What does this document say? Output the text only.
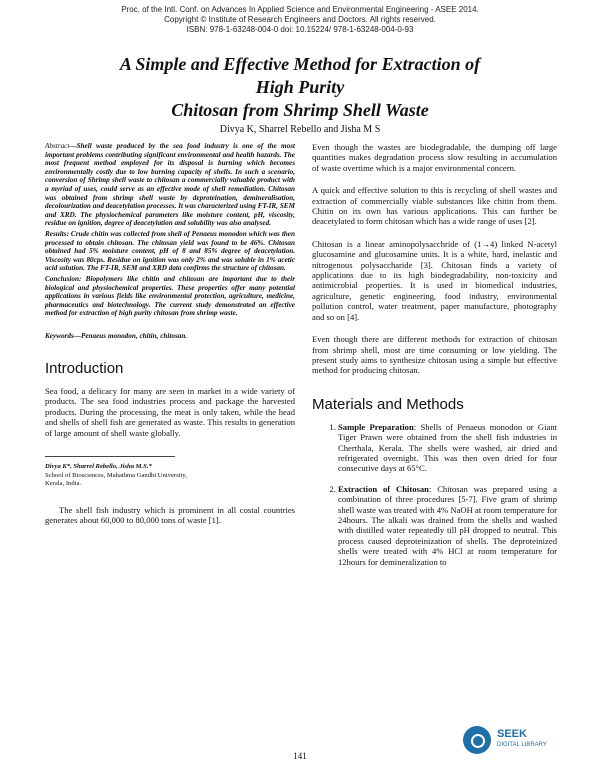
Proc. of the Intl. Conf. on Advances In Applied Science and Environmental Engineering - ASEE 2014.
Copyright © Institute of Research Engineers and Doctors. All rights reserved.
ISBN: 978-1-63248-004-0 doi: 10.15224/ 978-1-63248-004-0-93
A Simple and Effective Method for Extraction of
High Purity
Chitosan from Shrimp Shell Waste
Divya K, Sharrel Rebello and Jisha M S

Abstract—Shell waste produced by the sea food industry is one of the most important problems contributing significant environmental and health hazards. The most frequent method employed for its disposal is burning which becomes environmentally costly due to low burning capacity of shells. In such a scenario, conversion of Shrimp shell waste to chitosan a commercially valuable product with a myriad of uses, could serve as an effective mode of shell remediation. Chitosan was obtained from shrimp shell waste by deproteination, demineralisation, decolourization and deacetylation processes. It was characterized using FT-IR, SEM and XRD. The physiochemical parameters like moisture content, pH, viscosity, residue on ignition, degree of deacetylation and solubility was also analysed.

Results: Crude chitin was collected from shell of Penaeus monodon which was then processed to obtain chitosan. The chitosan yield was found to be 46%. Chitosan obtained had 5% moisture content, pH of 8 and 85% degree of deacetylation. Viscosity was 80cps. Residue on ignition was only 2% and was soluble in 1% acetic acid solution. The FT-IR, SEM and XRD data confirms the structure of chitosan.

Conclusion: Biopolymers like chitin and chitosan are important due to their biological and physiochemical properties. These properties offer many potential applications in various fields like environmental protection, agriculture, medicine, pharmaceutics and biotechnology. The current study demonstrated an effective method for extraction of high purity chitosan from shrimp waste.

Keywords—Penaeus monodon, chitin, chitosan.

Introduction

Sea food, a delicacy for many are seen in market in a wide variety of products. The sea food industries process and package the harvested products. During the processing, the meat is only taken, while the head and shells of shell fish are generated as waste. This results in generation of large amount of shell waste globally.

Divya K*, Sharrel Rebello, Jisha M.S.*

School of Biosciences, Mahathma Gandhi University,

Kerala, India.

The shell fish industry which is prominent in all costal countries generates about 60,000 to 80,000 tons of waste [1].

Even though the wastes are biodegradable, the dumping off large quantities makes degradation process slow resulting in accumulation of waste overtime which is a major environmental concern.

A quick and effective solution to this is recycling of shell wastes and extraction of commercially viable substances like chitin from them. Chitin on its own has various applications. This can further be deacetylated to form chitosan which has a wide range of uses [2].

Chitosan is a linear aminopolysacchride of (1→4) linked N-acetyl glucosamine and glucosamine units. It is a white, hard, inelastic and nitrogenous polysaccharide [3]. Chitosan finds a variety of applications due to its high biodegradability, non-toxicity and antimicrobial properties. It is used in biomedical industries, agriculture, genetic engineering, food industry, environmental pollution control, water treatment, paper manufacture, photography and so on [4].

Even though there are different methods for extraction of chitosan from shrimp shell, most are time consuming or low yielding. The present study aims to synthesize chitosan using a simple but effective method for producing chitosan.

Materials and Methods
1. Sample Preparation: Shells of Penaeus monodon or Giant Tiger Prawn were obtained from the shell fish industries in Cherthala, Kerala. The shells were washed, air dried and refrigerated overnight. This was then oven dried for four consecutive days at 65°C.
2. Extraction of Chitosan: Chitosan was prepared using a combination of three procedures [5-7]. Five gram of shrimp shell waste was treated with 4% NaOH at room temperature for 24hours. The alkali was drained from the shells and washed with distilled water repeatedly till pH dropped to neutral. This process caused deproteinization of shells. The deproteinized shells were treated with 4% HCl at room temperature for 12hours for demineralization to
141
SEEK
DIGITAL LIBRARY
